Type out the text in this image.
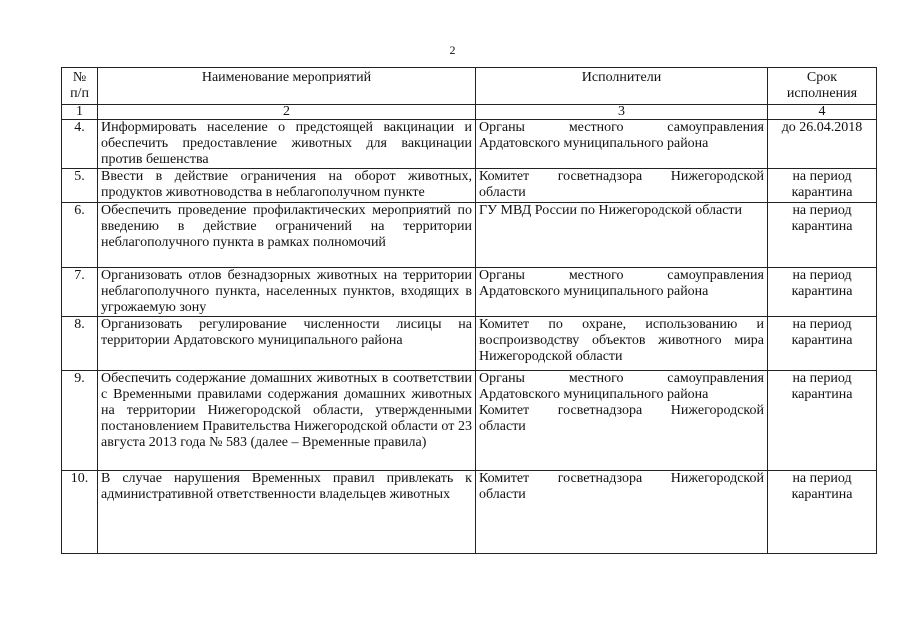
2
№
п/п	Наименование мероприятий	Исполнители	Срок
исполнения

1	2	3	4
4.	Информировать население о предстоящей вакцинации и обеспечить предоставление животных для вакцинации против бешенства	Органы местного самоуправления Ардатовского муниципального района	до 26.04.2018

5.	Ввести в действие ограничения на оборот животных, продуктов животноводства в неблагополучном пункте	Комитет госветнадзора Нижегородской области	на период
карантина

6.	Обеспечить проведение профилактических мероприятий по введению в действие ограничений на территории неблагополучного пункта в рамках полномочий	ГУ МВД России по Нижегородской области	на период
карантина

7.	Организовать отлов безнадзорных животных на территории неблагополучного пункта, населенных пунктов, входящих в угрожаемую зону	Органы местного самоуправления Ардатовского муниципального района	на период
карантина

8.	Организовать регулирование численности лисицы на территории Ардатовского муниципального района	Комитет по охране, использованию и воспроизводству объектов животного мира Нижегородской области	на период
карантина

9.	Обеспечить содержание домашних животных в соответствии с Временными правилами содержания домашних животных на территории Нижегородской области, утвержденными постановлением Правительства Нижегородской области от 23 августа 2013 года № 583 (далее – Временные правила)	Органы местного самоуправления Ардатовского муниципального района
Комитет госветнадзора Нижегородской области	на период
карантина

10.	В случае нарушения Временных правил привлекать к административной ответственности владельцев животных	Комитет госветнадзора Нижегородской области	на период
карантина
